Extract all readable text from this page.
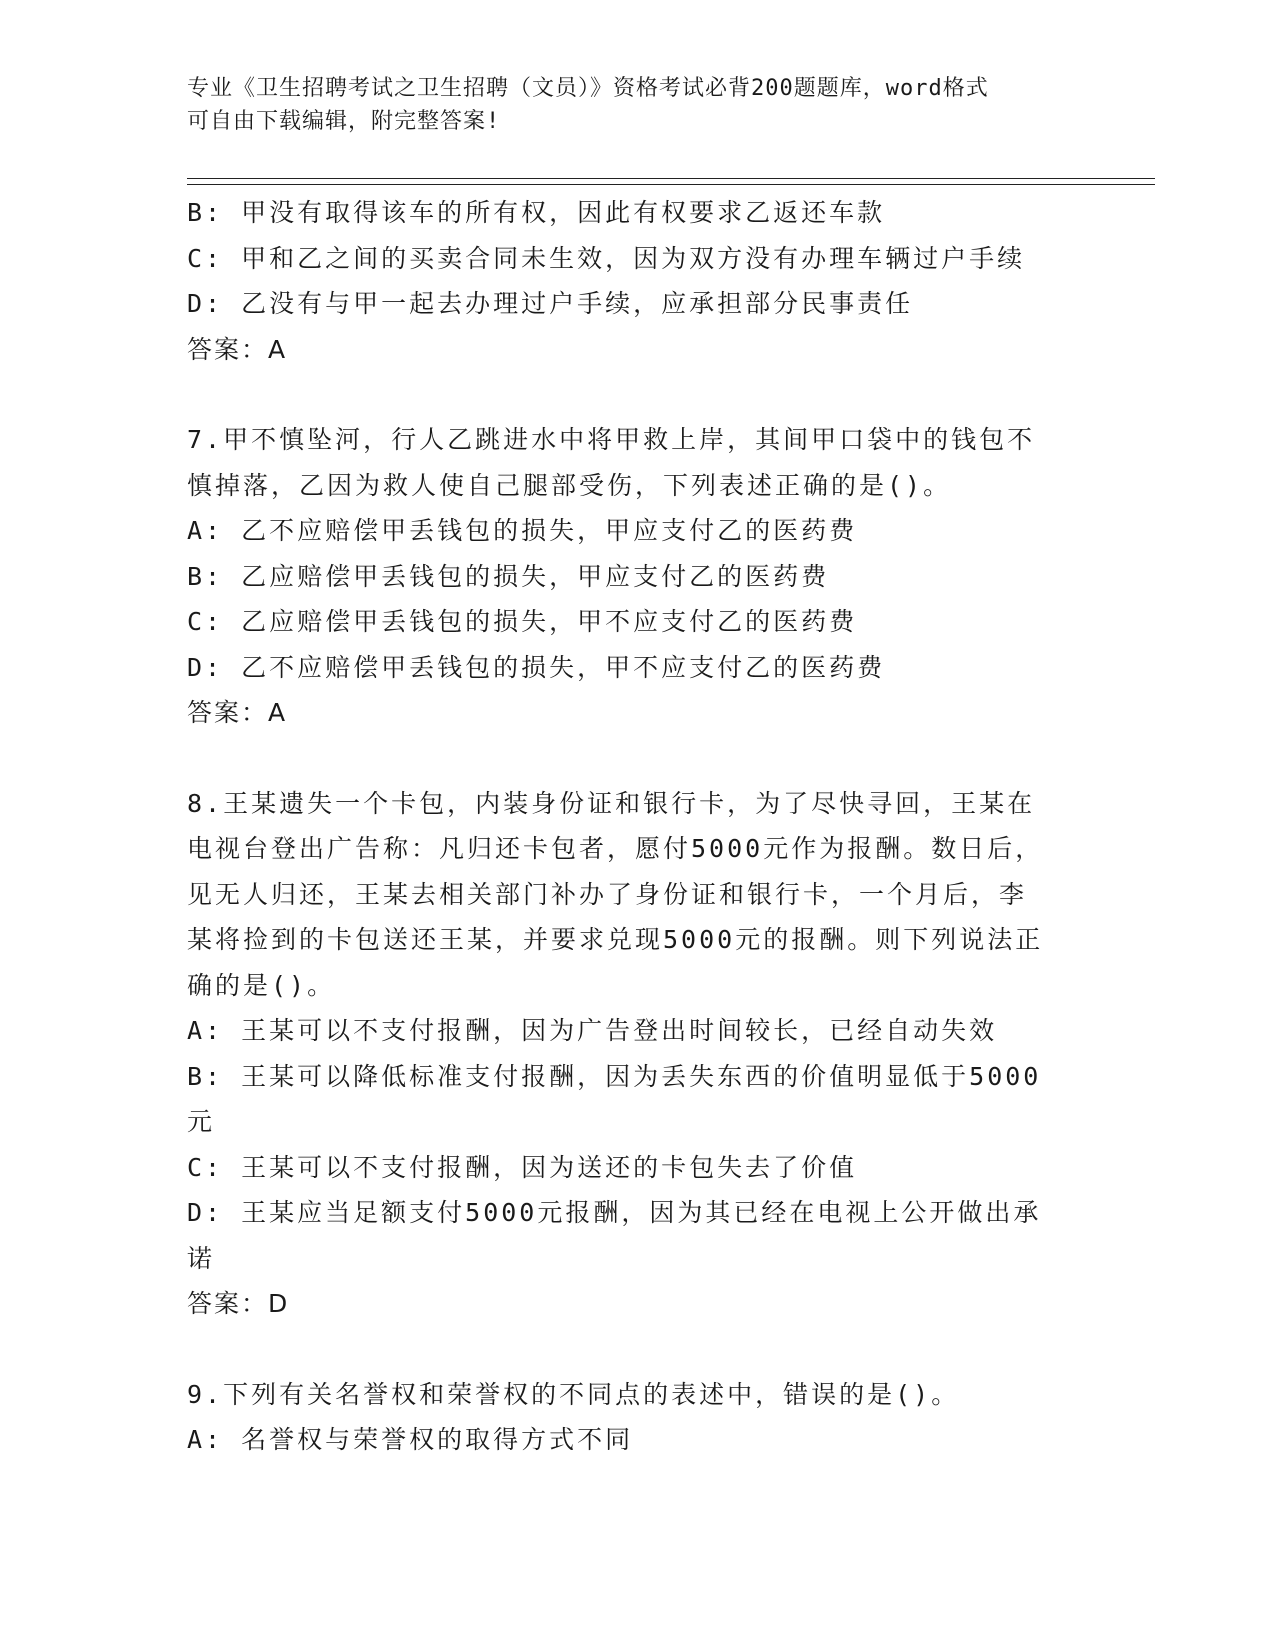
专业《卫生招聘考试之卫生招聘（文员）》资格考试必背200题题库，word格式
可自由下载编辑，附完整答案!
B: 甲没有取得该车的所有权，因此有权要求乙返还车款
C: 甲和乙之间的买卖合同未生效，因为双方没有办理车辆过户手续
D: 乙没有与甲一起去办理过户手续，应承担部分民事责任
答案：A
7.甲不慎坠河，行人乙跳进水中将甲救上岸，其间甲口袋中的钱包不
慎掉落，乙因为救人使自己腿部受伤，下列表述正确的是()。
A: 乙不应赔偿甲丢钱包的损失，甲应支付乙的医药费
B: 乙应赔偿甲丢钱包的损失，甲应支付乙的医药费
C: 乙应赔偿甲丢钱包的损失，甲不应支付乙的医药费
D: 乙不应赔偿甲丢钱包的损失，甲不应支付乙的医药费
答案：A
8.王某遗失一个卡包，内装身份证和银行卡，为了尽快寻回，王某在
电视台登出广告称：凡归还卡包者，愿付5000元作为报酬。数日后，
见无人归还，王某去相关部门补办了身份证和银行卡，一个月后，李
某将捡到的卡包送还王某，并要求兑现5000元的报酬。则下列说法正
确的是()。
A: 王某可以不支付报酬，因为广告登出时间较长，已经自动失效
B: 王某可以降低标准支付报酬，因为丢失东西的价值明显低于5000
元
C: 王某可以不支付报酬，因为送还的卡包失去了价值
D: 王某应当足额支付5000元报酬，因为其已经在电视上公开做出承
诺
答案：D
9.下列有关名誉权和荣誉权的不同点的表述中，错误的是()。
A: 名誉权与荣誉权的取得方式不同
